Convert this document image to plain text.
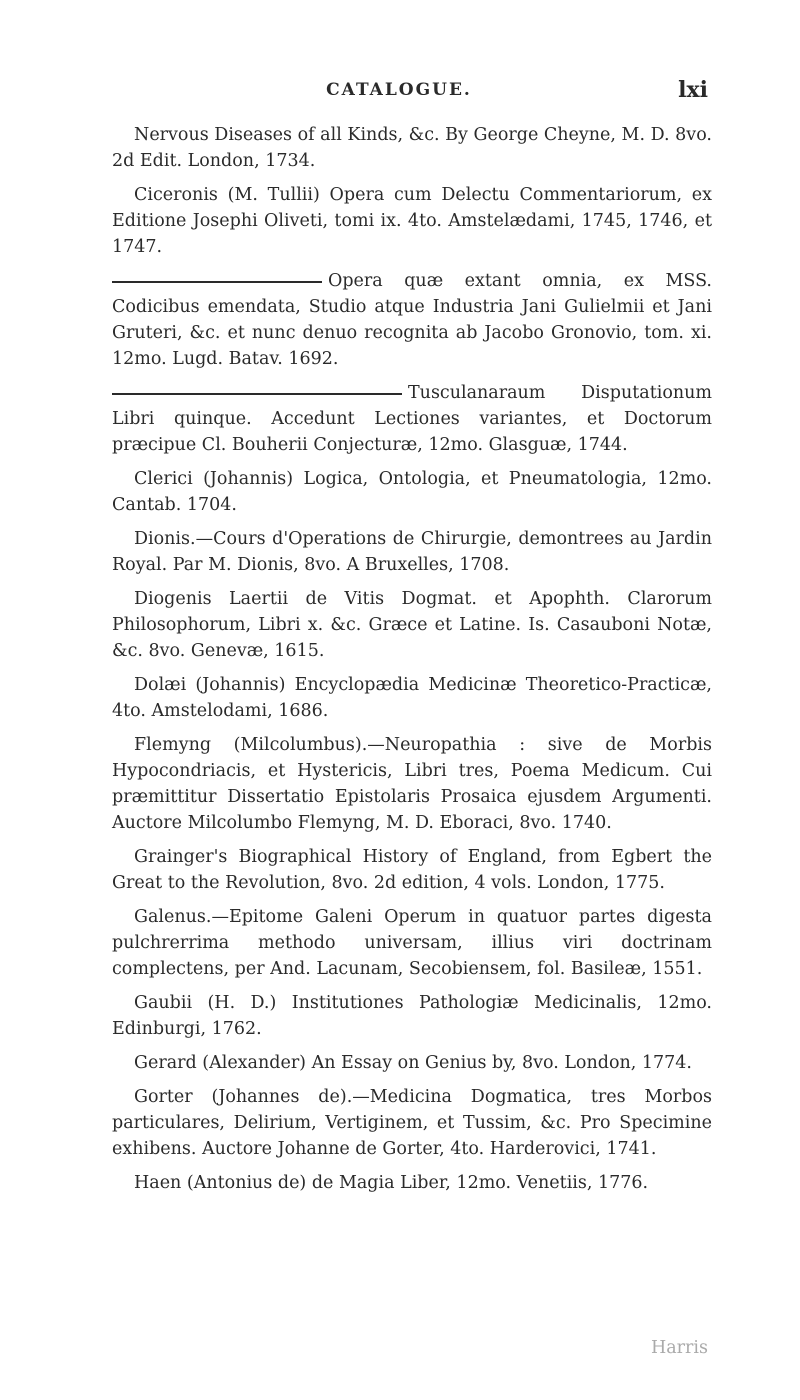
CATALOGUE.	lxi

Nervous Diseases of all Kinds, &c. By George Cheyne, M. D. 8vo. 2d Edit. London, 1734.

Ciceronis (M. Tullii) Opera cum Delectu Commentariorum, ex Editione Josephi Oliveti, tomi ix. 4to. Amstelædami, 1745, 1746, et 1747.

Opera quæ extant omnia, ex MSS. Codicibus emendata, Studio atque Industria Jani Gulielmii et Jani Gruteri, &c. et nunc denuo recognita ab Jacobo Gronovio, tom. xi. 12mo. Lugd. Batav. 1692.

Tusculanaraum Disputationum Libri quinque. Accedunt Lectiones variantes, et Doctorum præcipue Cl. Bouherii Conjecturæ, 12mo. Glasguæ, 1744.

Clerici (Johannis) Logica, Ontologia, et Pneumatologia, 12mo. Cantab. 1704.

Dionis.—Cours d'Operations de Chirurgie, demontrees au Jardin Royal. Par M. Dionis, 8vo. A Bruxelles, 1708.

Diogenis Laertii de Vitis Dogmat. et Apophth. Clarorum Philosophorum, Libri x. &c. Græce et Latine. Is. Casauboni Notæ, &c. 8vo. Genevæ, 1615.

Dolæi (Johannis) Encyclopædia Medicinæ Theoretico-Practicæ, 4to. Amstelodami, 1686.

Flemyng (Milcolumbus).—Neuropathia : sive de Morbis Hypocondriacis, et Hystericis, Libri tres, Poema Medicum. Cui præmittitur Dissertatio Epistolaris Prosaica ejusdem Argumenti. Auctore Milcolumbo Flemyng, M. D. Eboraci, 8vo. 1740.

Grainger's Biographical History of England, from Egbert the Great to the Revolution, 8vo. 2d edition, 4 vols. London, 1775.

Galenus.—Epitome Galeni Operum in quatuor partes digesta pulchrerrima methodo universam, illius viri doctrinam complectens, per And. Lacunam, Secobiensem, fol. Basileæ, 1551.

Gaubii (H. D.) Institutiones Pathologiæ Medicinalis, 12mo. Edinburgi, 1762.

Gerard (Alexander) An Essay on Genius by, 8vo. London, 1774.

Gorter (Johannes de).—Medicina Dogmatica, tres Morbos particulares, Delirium, Vertiginem, et Tussim, &c. Pro Specimine exhibens. Auctore Johanne de Gorter, 4to. Harderovici, 1741.

Haen (Antonius de) de Magia Liber, 12mo. Venetiis, 1776.

Harris
